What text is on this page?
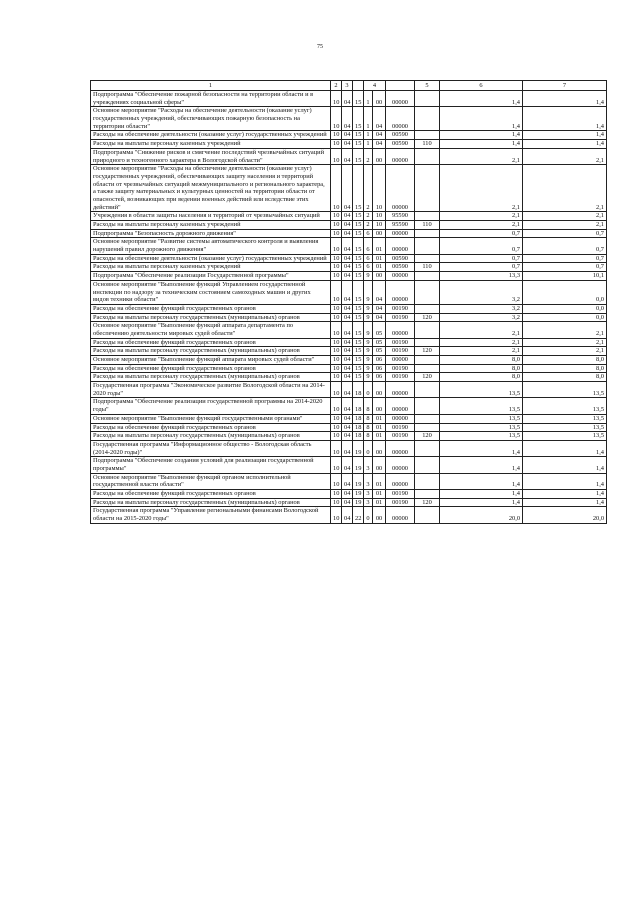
75
1	2	3		4			5	6	7
Подпрограмма "Обеспечение пожарной безопасности на территории области и в учреждениях социальной сферы"	10	04	15	1	00	00000		1,4	1,4
Основное мероприятие "Расходы на обеспечение деятельности (оказание услуг) государственных учреждений, обеспечивающих пожарную безопасность на территории области"	10	04	15	1	04	00000		1,4	1,4
Расходы на обеспечение деятельности (оказание услуг) государственных учреждений	10	04	15	1	04	00590		1,4	1,4
Расходы на выплаты персоналу казенных учреждений	10	04	15	1	04	00590	110	1,4	1,4
Подпрограмма "Снижение рисков и смягчение последствий чрезвычайных ситуаций природного и техногенного характера в Вологодской области"	10	04	15	2	00	00000		2,1	2,1
Основное мероприятие "Расходы на обеспечение деятельности (оказание услуг) государственных учреждений, обеспечивающих защиту населения и территорий области от чрезвычайных ситуаций межмуниципального и регионального характера, а также защиту материальных и культурных ценностей на территории области от опасностей, возникающих при ведении военных действий или вследствие этих действий"	10	04	15	2	10	00000		2,1	2,1
Учреждения в области защиты населения и территорий от чрезвычайных ситуаций	10	04	15	2	10	95590		2,1	2,1
Расходы на выплаты персоналу казенных учреждений	10	04	15	2	10	95590	110	2,1	2,1
Подпрограмма "Безопасность дорожного движения"	10	04	15	6	00	00000		0,7	0,7
Основное мероприятие "Развитие системы автоматического контроля и выявления нарушений правил дорожного движения"	10	04	15	6	01	00000		0,7	0,7
Расходы на обеспечение деятельности (оказание услуг) государственных учреждений	10	04	15	6	01	00590		0,7	0,7
Расходы на выплаты персоналу казенных учреждений	10	04	15	6	01	00590	110	0,7	0,7
Подпрограмма "Обеспечение реализации Государственной программы"	10	04	15	9	00	00000		13,3	10,1
Основное мероприятие "Выполнение функций Управлением государственной инспекции по надзору за техническим состоянием самоходных машин и других видов техники области"	10	04	15	9	04	00000		3,2	0,0
Расходы на обеспечение функций государственных органов	10	04	15	9	04	00190		3,2	0,0
Расходы на выплаты персоналу государственных (муниципальных) органов	10	04	15	9	04	00190	120	3,2	0,0
Основное мероприятие "Выполнение функций аппарата департамента по обеспечению деятельности мировых судей области"	10	04	15	9	05	00000		2,1	2,1
Расходы на обеспечение функций государственных органов	10	04	15	9	05	00190		2,1	2,1
Расходы на выплаты персоналу государственных (муниципальных) органов	10	04	15	9	05	00190	120	2,1	2,1
Основное мероприятие "Выполнение функций аппарата мировых судей области"	10	04	15	9	06	00000		8,0	8,0
Расходы на обеспечение функций государственных органов	10	04	15	9	06	00190		8,0	8,0
Расходы на выплаты персоналу государственных (муниципальных) органов	10	04	15	9	06	00190	120	8,0	8,0
Государственная программа "Экономическое развитие Вологодской области на 2014-2020 годы"	10	04	18	0	00	00000		13,5	13,5
Подпрограмма "Обеспечение реализации государственной программы на 2014-2020 годы"	10	04	18	8	00	00000		13,5	13,5
Основное мероприятие "Выполнение функций государственными органами"	10	04	18	8	01	00000		13,5	13,5
Расходы на обеспечение функций государственных органов	10	04	18	8	01	00190		13,5	13,5
Расходы на выплаты персоналу государственных (муниципальных) органов	10	04	18	8	01	00190	120	13,5	13,5
Государственная программа "Информационное общество - Вологодская область (2014-2020 годы)"	10	04	19	0	00	00000		1,4	1,4
Подпрограмма "Обеспечение создания условий для реализации государственной программы"	10	04	19	3	00	00000		1,4	1,4
Основное мероприятие "Выполнение функций органом исполнительной государственной власти области"	10	04	19	3	01	00000		1,4	1,4
Расходы на обеспечение функций государственных органов	10	04	19	3	01	00190		1,4	1,4
Расходы на выплаты персоналу государственных (муниципальных) органов	10	04	19	3	01	00190	120	1,4	1,4
Государственная программа "Управление региональными финансами Вологодской области на 2015-2020 годы"	10	04	22	0	00	00000		20,0	20,0
